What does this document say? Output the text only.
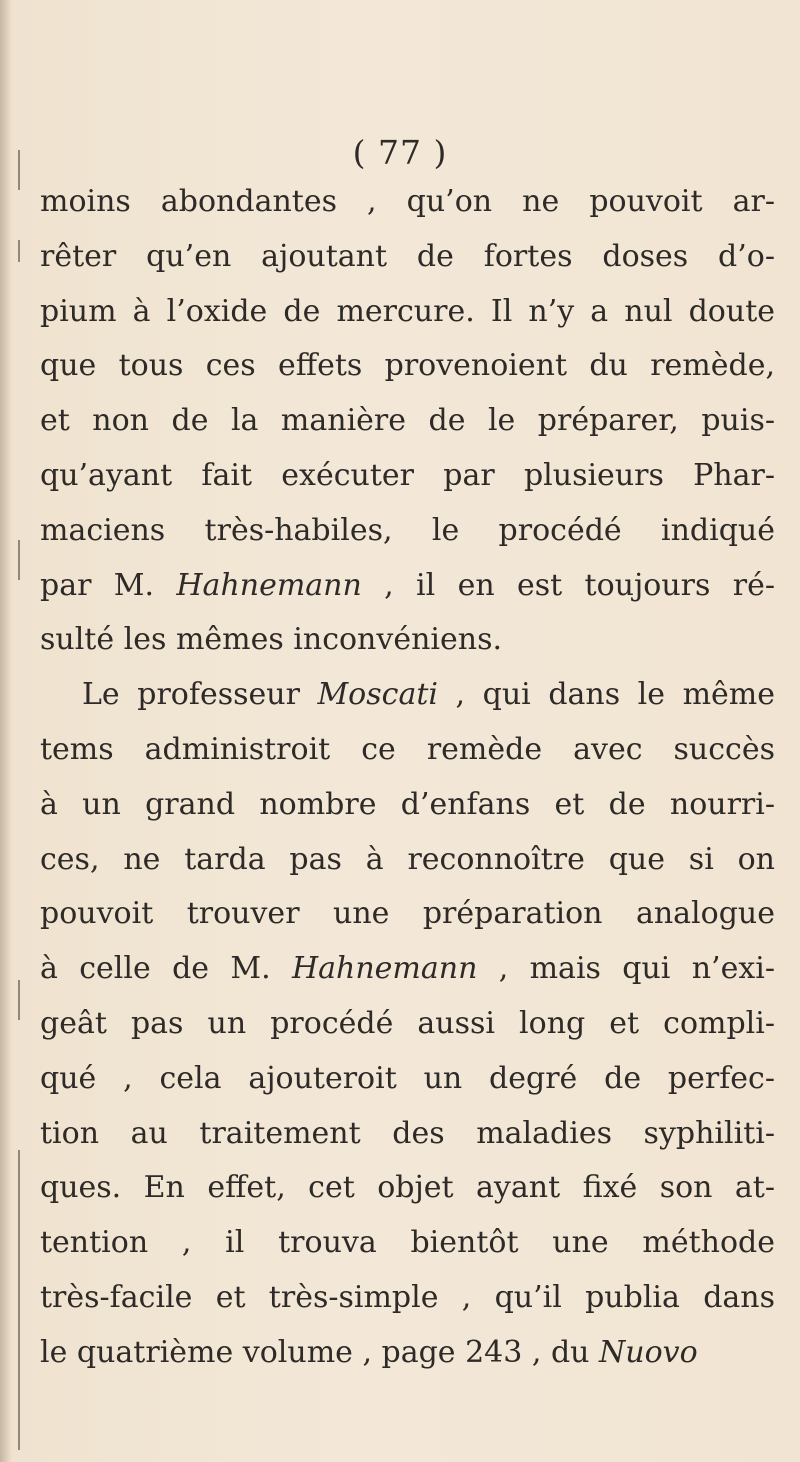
( 77 )
moins abondantes , qu’on ne pouvoit ar-
rêter qu’en ajoutant de fortes doses d’o-
pium à l’oxide de mercure. Il n’y a nul doute
que tous ces effets provenoient du remède,
et non de la manière de le préparer, puis-
qu’ayant fait exécuter par plusieurs Phar-
maciens très-habiles, le procédé indiqué
par M. Hahnemann , il en est toujours ré-
sulté les mêmes inconvéniens.
Le professeur Moscati , qui dans le même
tems administroit ce remède avec succès
à un grand nombre d’enfans et de nourri-
ces, ne tarda pas à reconnoître que si on
pouvoit trouver une préparation analogue
à celle de M. Hahnemann , mais qui n’exi-
geât pas un procédé aussi long et compli-
qué , cela ajouteroit un degré de perfec-
tion au traitement des maladies syphiliti-
ques. En effet, cet objet ayant fixé son at-
tention , il trouva bientôt une méthode
très-facile et très-simple , qu’il publia dans
le quatrième volume , page 243 , du Nuovo
